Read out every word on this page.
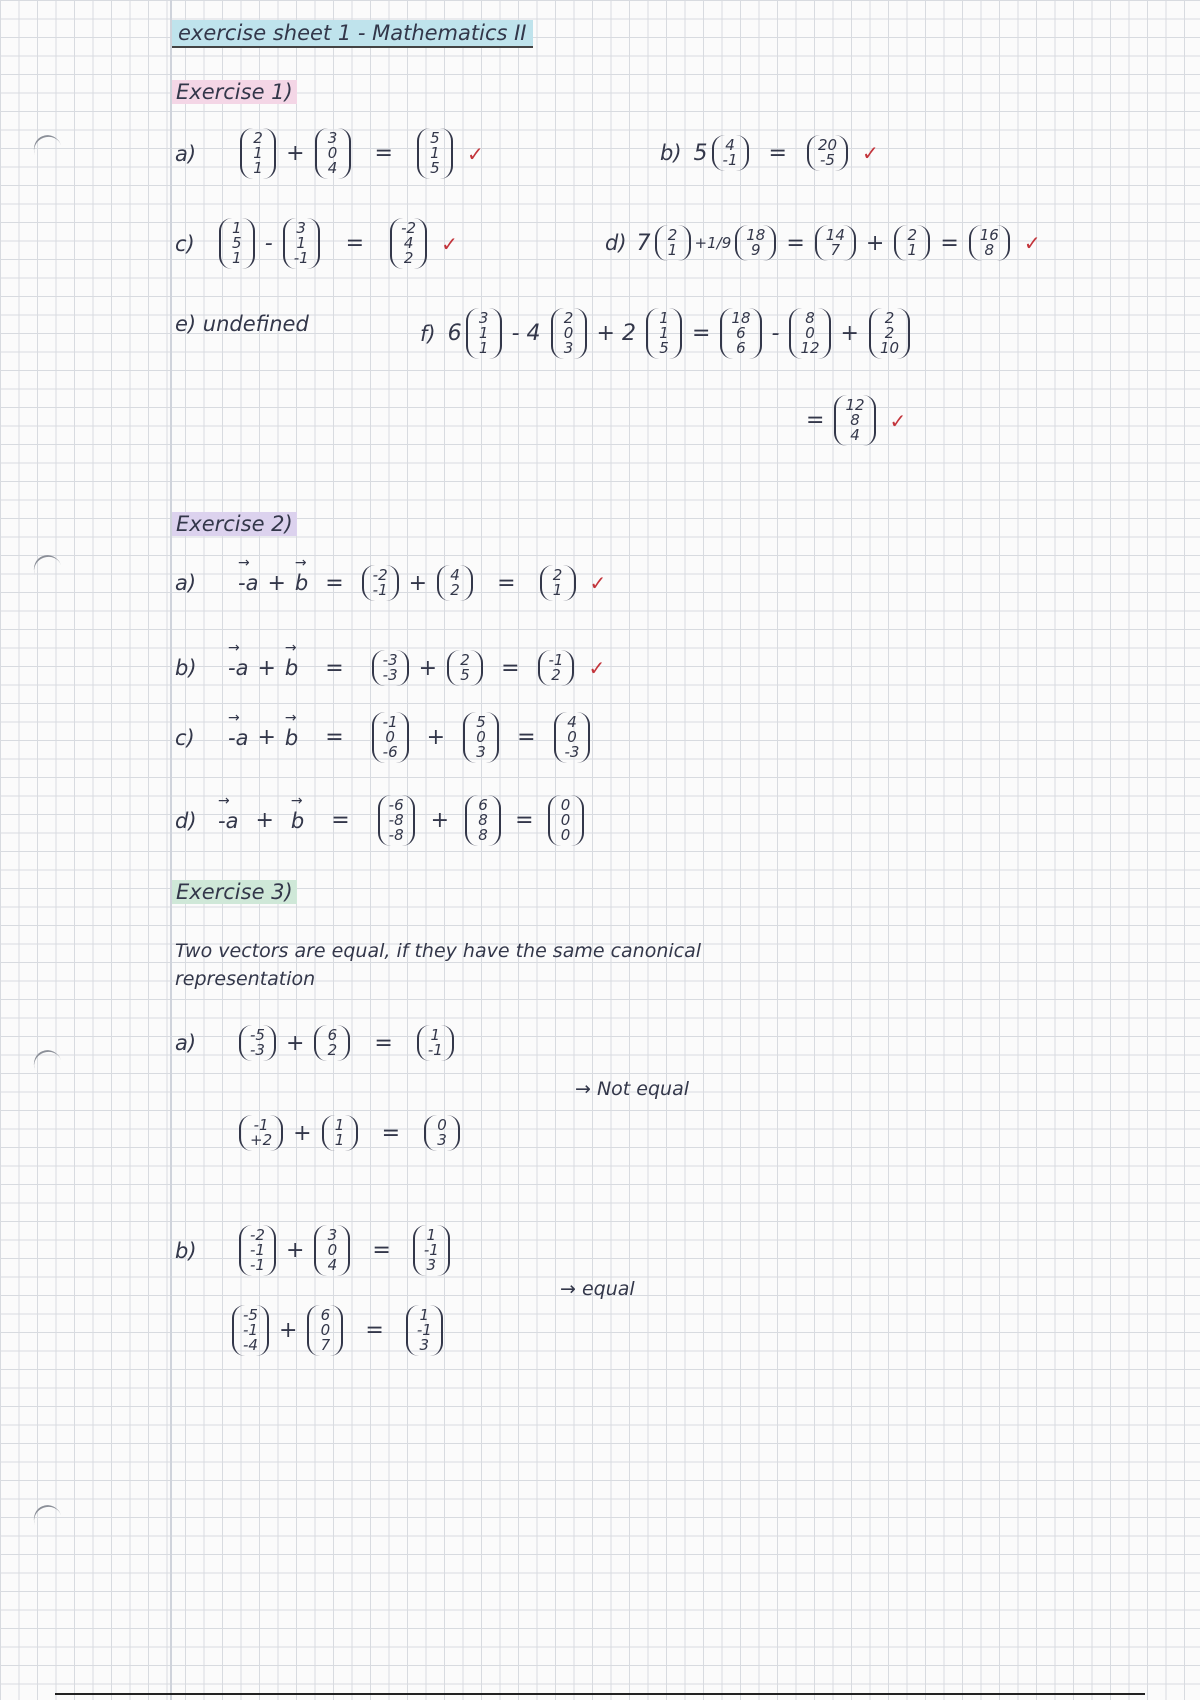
exercise sheet 1 - Mathematics II
Exercise 1)
a)
2
1
1
+
3
0
4
=
5
1
5
✓	b) 5 4
-1 = 20
-5 ✓
c)
1
5
1
-
3
1
-1
=
-2
4
2
✓	d) 7 2
1 +1/9 18
9 = 14
7 + 2
1 = 16
8 ✓
e) undefined	f) 6
3
1
1
- 4
2
0
3
+ 2
1
1
5
=
18
6
6
-
8
0
12
+
2
2
10
=
12
8
4
✓
Exercise 2)
a)	→ -a + → b = -2
-1 + 4
2 = 2
1 ✓
b)	→ -a + → b =	-3
-3 + 2
5 = -1
2 ✓
c)	→ -a + → b =
-1
0
-6
+
5
0
3
=
4
0
-3
d)	→ -a + → b =
-6
-8
-8
+
6
8
8
=
0
0
0
Exercise 3)
Two vectors are equal, if they have the same canonical
representation
a)	-5
-3 + 6
2 =	1
-1
→ Not equal
-1
+2 + 1
1 = 0
3
b)
-2
-1
-1
+
3
0
4
=
1
-1
3
→ equal
-5
-1
-4
+
6
0
7
=
1
-1
3
